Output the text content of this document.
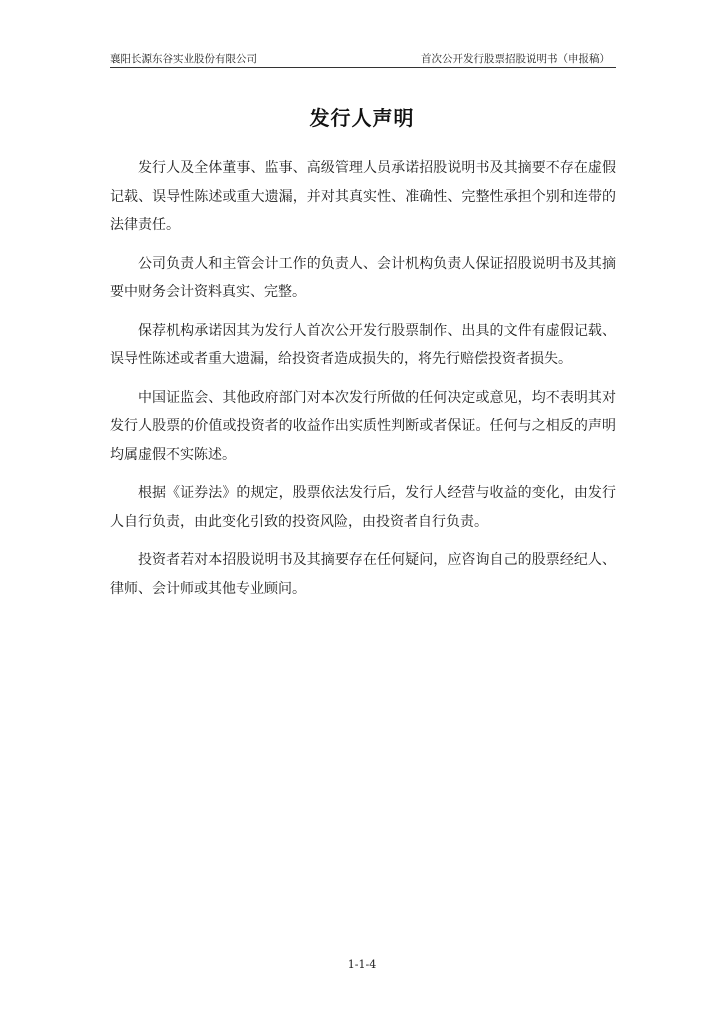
襄阳长源东谷实业股份有限公司	首次公开发行股票招股说明书（申报稿）
发行人声明

发行人及全体董事、监事、高级管理人员承诺招股说明书及其摘要不存在虚假记载、误导性陈述或重大遗漏，并对其真实性、准确性、完整性承担个别和连带的法律责任。

公司负责人和主管会计工作的负责人、会计机构负责人保证招股说明书及其摘要中财务会计资料真实、完整。

保荐机构承诺因其为发行人首次公开发行股票制作、出具的文件有虚假记载、误导性陈述或者重大遗漏，给投资者造成损失的，将先行赔偿投资者损失。

中国证监会、其他政府部门对本次发行所做的任何决定或意见，均不表明其对发行人股票的价值或投资者的收益作出实质性判断或者保证。任何与之相反的声明均属虚假不实陈述。

根据《证券法》的规定，股票依法发行后，发行人经营与收益的变化，由发行人自行负责，由此变化引致的投资风险，由投资者自行负责。

投资者若对本招股说明书及其摘要存在任何疑问，应咨询自己的股票经纪人、律师、会计师或其他专业顾问。

1-1-4
